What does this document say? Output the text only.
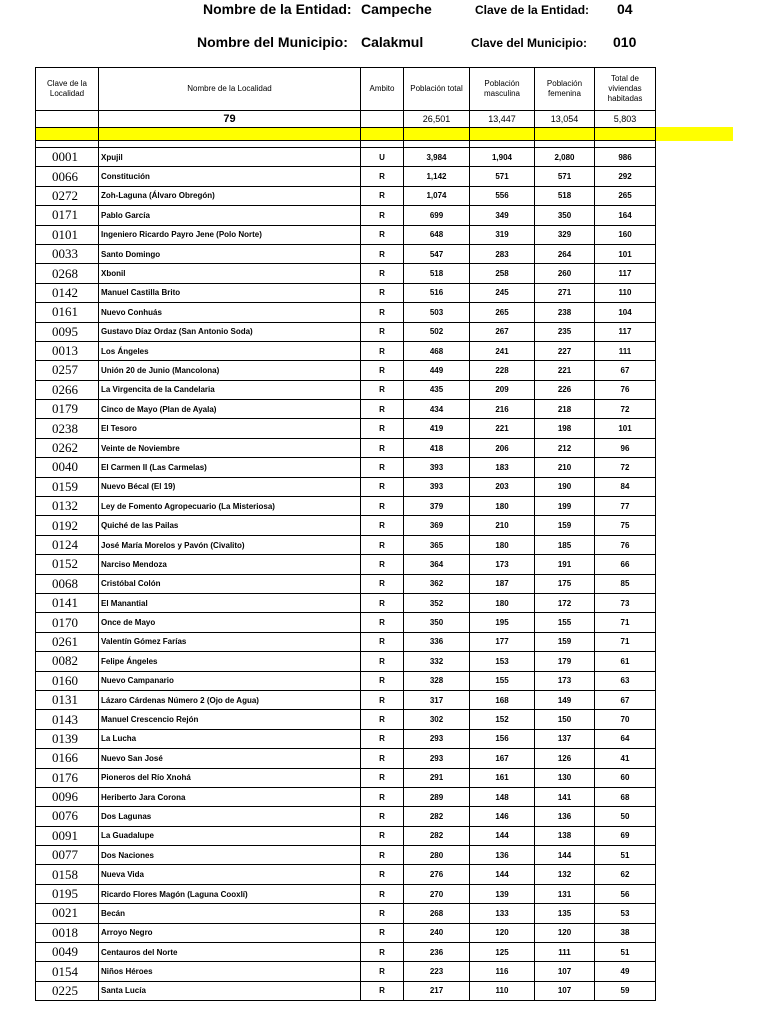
Nombre de la Entidad: Campeche	Clave de la Entidad: 04
Nombre del Municipio: Calakmul	Clave del Municipio: 010
Clave de la Localidad	Nombre de la Localidad	Ambito	Población total	Población masculina	Población femenina	Total de viviendas habitadas
	79		26,501	13,447	13,054	5,803

0001	Xpujil	U	3,984	1,904	2,080	986
0066	Constitución	R	1,142	571	571	292
0272	Zoh-Laguna (Álvaro Obregón)	R	1,074	556	518	265
0171	Pablo García	R	699	349	350	164
0101	Ingeniero Ricardo Payro Jene (Polo Norte)	R	648	319	329	160
0033	Santo Domingo	R	547	283	264	101
0268	Xbonil	R	518	258	260	117
0142	Manuel Castilla Brito	R	516	245	271	110
0161	Nuevo Conhuás	R	503	265	238	104
0095	Gustavo Díaz Ordaz (San Antonio Soda)	R	502	267	235	117
0013	Los Ángeles	R	468	241	227	111
0257	Unión 20 de Junio (Mancolona)	R	449	228	221	67
0266	La Virgencita de la Candelaria	R	435	209	226	76
0179	Cinco de Mayo (Plan de Ayala)	R	434	216	218	72
0238	El Tesoro	R	419	221	198	101
0262	Veinte de Noviembre	R	418	206	212	96
0040	El Carmen II (Las Carmelas)	R	393	183	210	72
0159	Nuevo Bécal (El 19)	R	393	203	190	84
0132	Ley de Fomento Agropecuario (La Misteriosa)	R	379	180	199	77
0192	Quiché de las Pailas	R	369	210	159	75
0124	José María Morelos y Pavón (Civalito)	R	365	180	185	76
0152	Narciso Mendoza	R	364	173	191	66
0068	Cristóbal Colón	R	362	187	175	85
0141	El Manantial	R	352	180	172	73
0170	Once de Mayo	R	350	195	155	71
0261	Valentín Gómez Farías	R	336	177	159	71
0082	Felipe Ángeles	R	332	153	179	61
0160	Nuevo Campanario	R	328	155	173	63
0131	Lázaro Cárdenas Número 2 (Ojo de Agua)	R	317	168	149	67
0143	Manuel Crescencio Rejón	R	302	152	150	70
0139	La Lucha	R	293	156	137	64
0166	Nuevo San José	R	293	167	126	41
0176	Pioneros del Río Xnohá	R	291	161	130	60
0096	Heriberto Jara Corona	R	289	148	141	68
0076	Dos Lagunas	R	282	146	136	50
0091	La Guadalupe	R	282	144	138	69
0077	Dos Naciones	R	280	136	144	51
0158	Nueva Vida	R	276	144	132	62
0195	Ricardo Flores Magón (Laguna Cooxlí)	R	270	139	131	56
0021	Becán	R	268	133	135	53
0018	Arroyo Negro	R	240	120	120	38
0049	Centauros del Norte	R	236	125	111	51
0154	Niños Héroes	R	223	116	107	49
0225	Santa Lucía	R	217	110	107	59
